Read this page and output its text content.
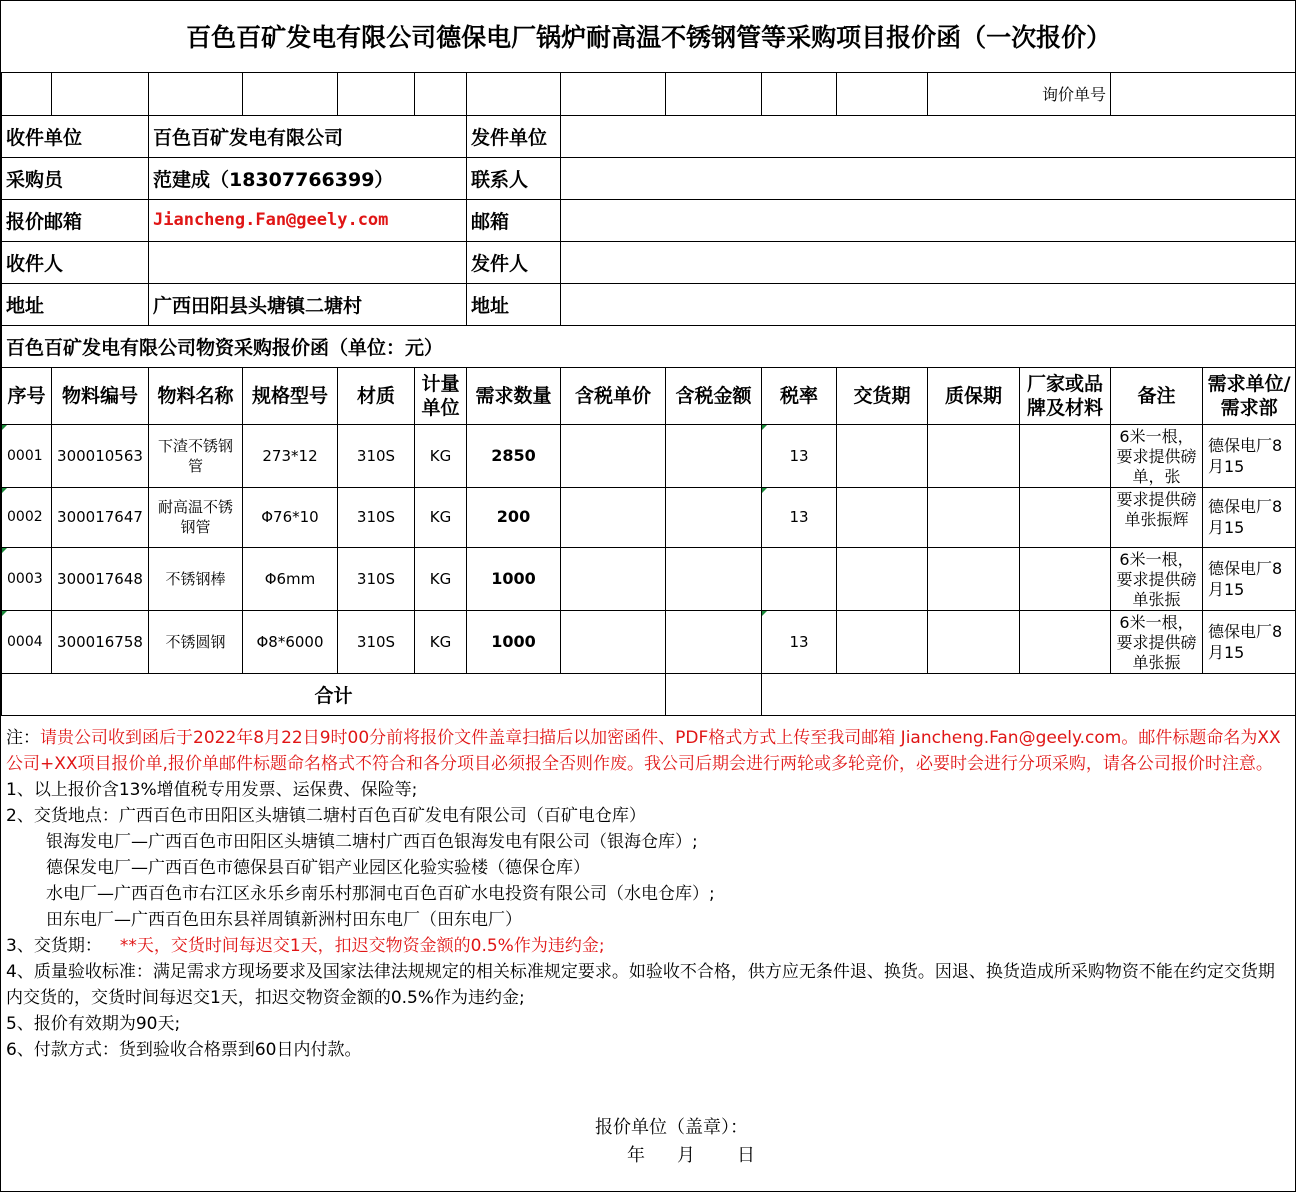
百色百矿发电有限公司德保电厂锅炉耐高温不锈钢管等采购项目报价函（一次报价）														
											询价单号			
收件单位		百色百矿发电有限公司				发件单位								
采购员		范建成（18307766399）				联系人								
报价邮箱		Jiancheng.Fan@geely.com				邮箱								
收件人						发件人								
地址		广西田阳县头塘镇二塘村				地址								
百色百矿发电有限公司物资采购报价函（单位：元）														
序号	物料编号	物料名称	规格型号	材质	计量单位	需求数量	含税单价	含税金额	税率	交货期	质保期	厂家或品牌及材料	备注	需求单位/需求部
0001	300010563	下渣不锈钢管	273*12	310S	KG	2850			13				6米一根，要求提供磅单，张	德保电厂8月15
0002	300017647	耐高温不锈钢管	Φ76*10	310S	KG	200			13				要求提供磅单张振辉	德保电厂8月15
0003	300017648	不锈钢棒	Φ6mm	310S	KG	1000							6米一根，要求提供磅单张振	德保电厂8月15
0004	300016758	不锈圆钢	Φ8*6000	310S	KG	1000			13				6米一根，要求提供磅单张振	德保电厂8月15
合计														

注：请贵公司收到函后于2022年8月22日9时00分前将报价文件盖章扫描后以加密函件、PDF格式方式上传至我司邮箱 Jiancheng.Fan@geely.com。邮件标题命名为XX公司+XX项目报价单,报价单邮件标题命名格式不符合和各分项目必须报全否则作废。我公司后期会进行两轮或多轮竞价，必要时会进行分项采购，请各公司报价时注意。

1、以上报价含13%增值税专用发票、运保费、保险等;

2、交货地点：广西百色市田阳区头塘镇二塘村百色百矿发电有限公司（百矿电仓库）

银海发电厂—广西百色市田阳区头塘镇二塘村广西百色银海发电有限公司（银海仓库）;

德保发电厂—广西百色市德保县百矿铝产业园区化验实验楼（德保仓库）

水电厂—广西百色市右江区永乐乡南乐村那洞屯百色百矿水电投资有限公司（水电仓库）;

田东电厂—广西百色田东县祥周镇新洲村田东电厂（田东电厂）

3、交货期： **天，交货时间每迟交1天，扣迟交物资金额的0.5%作为违约金;

4、质量验收标准：满足需求方现场要求及国家法律法规规定的相关标准规定要求。如验收不合格，供方应无条件退、换货。因退、换货造成所采购物资不能在约定交货期内交货的，交货时间每迟交1天，扣迟交物资金额的0.5%作为违约金;

5、报价有效期为90天;

6、付款方式：货到验收合格票到60日内付款。

报价单位（盖章）：
年 月 日
